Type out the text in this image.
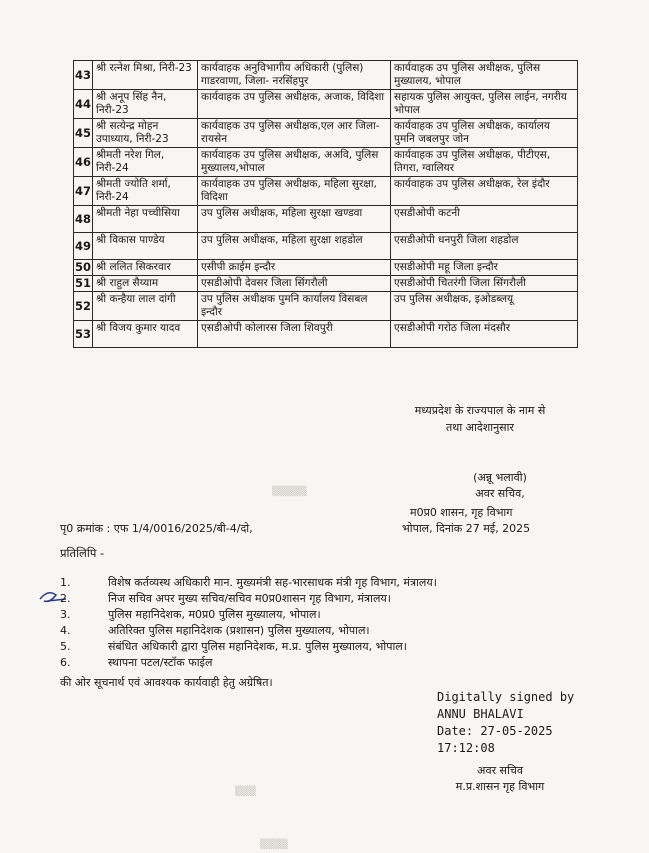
43	श्री रत्नेश मिश्रा, निरी-23	कार्यवाहक अनुविभागीय अधिकारी (पुलिस) गाडरवाणा, जिला- नरसिंहपुर	कार्यवाहक उप पुलिस अधीक्षक, पुलिस मुख्यालय, भोपाल
44	श्री अनूप सिंह नैन, निरी-23	कार्यवाहक उप पुलिस अधीक्षक, अजाक, विदिशा	सहायक पुलिस आयुक्त, पुलिस लाईन, नगरीय भोपाल
45	श्री सत्येन्द्र मोहन उपाध्याय, निरी-23	कार्यवाहक उप पुलिस अधीक्षक,एल आर जिला-रायसेन	कार्यवाहक उप पुलिस अधीक्षक, कार्यालय पुमनि जबलपुर जोन
46	श्रीमती नरेश गिल, निरी-24	कार्यवाहक उप पुलिस अधीक्षक, अअवि, पुलिस मुख्यालय,भोपाल	कार्यवाहक उप पुलिस अधीक्षक, पीटीएस, तिगरा, ग्वालियर
47	श्रीमती ज्योति शर्मा, निरी-24	कार्यवाहक उप पुलिस अधीक्षक, महिला सुरक्षा, विदिशा	कार्यवाहक उप पुलिस अधीक्षक, रेल इंदौर
48	श्रीमती नेहा पच्चीसिया	उप पुलिस अधीक्षक, महिला सुरक्षा खण्डवा	एसडीओपी कटनी
49	श्री विकास पाण्डेय	उप पुलिस अधीक्षक, महिला सुरक्षा शहडोल	एसडीओपी धनपुरी जिला शहडोल
50	श्री ललित सिकरवार	एसीपी क्राईम इन्दौर	एसडीओपी महू जिला इन्दौर
51	श्री राहुल सैय्याम	एसडीओपी देवसर जिला सिंगरौली	एसडीओपी चितरंगी जिला सिंगरौली
52	श्री कन्हैया लाल दांगी	उप पुलिस अधीक्षक पुमनि कार्यालय विसबल इन्दौर	उप पुलिस अधीक्षक, इओडब्लयू
53	श्री विजय कुमार यादव	एसडीओपी कोलारस जिला शिवपुरी	एसडीओपी गरोठ जिला मंदसौर
मध्यप्रदेश के राज्यपाल के नाम से
तथा आदेशानुसार
(अन्नू भलावी)
अवर सचिव,
पृ0 क्रमांक : एफ 1/4/0016/2025/बी-4/दो,
म0प्र0 शासन, गृह विभाग
भोपाल, दिनांक 27 मई, 2025
प्रतिलिपि -
1.	विशेष कर्तव्यस्थ अधिकारी मान. मुख्यमंत्री सह-भारसाधक मंत्री गृह विभाग, मंत्रालय।
2.	निज सचिव अपर मुख्य सचिव/सचिव म0प्र0शासन गृह विभाग, मंत्रालय।
3.	पुलिस महानिदेशक, म0प्र0 पुलिस मुख्यालय, भोपाल।
4.	अतिरिक्त पुलिस महानिदेशक (प्रशासन) पुलिस मुख्यालय, भोपाल।
5.	संबंधित अधिकारी द्वारा पुलिस महानिदेशक, म.प्र. पुलिस मुख्यालय, भोपाल।
6.	स्थापना पटल/स्टॉक फाईल
की ओर सूचनार्थ एवं आवश्यक कार्यवाही हेतु अग्रेषित।
Digitally signed by
ANNU BHALAVI
Date: 27-05-2025
17:12:08
अवर सचिव
म.प्र.शासन गृह विभाग
▒▒▒▒▒
▒▒▒
▒▒▒▒
